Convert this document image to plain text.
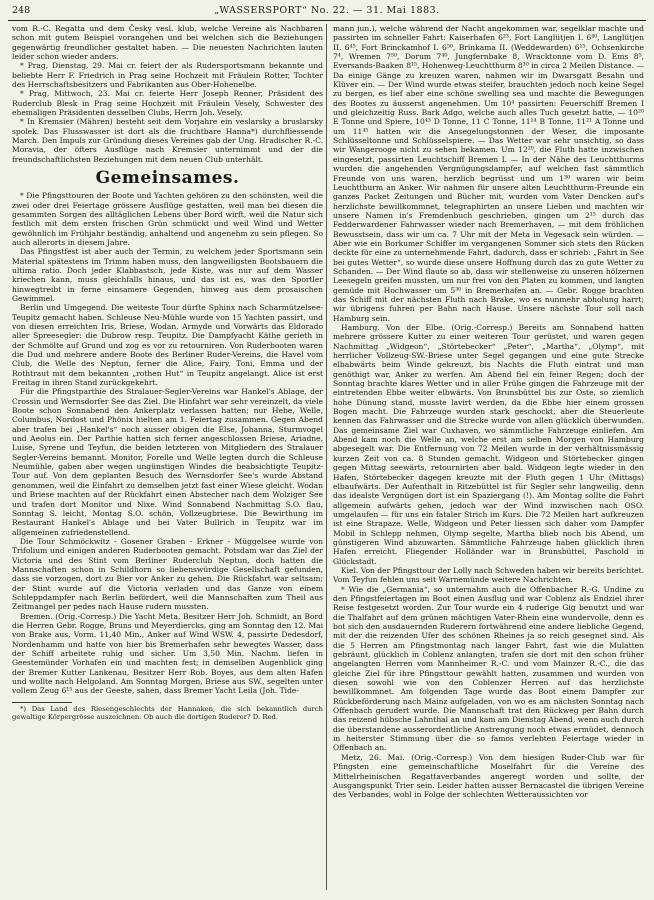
248	„WASSERSPORT“ No. 22. — 31. Mai 1883.

vom R.-C. Regatta und dem Česky vesl. klub, welche Vereine als Nachbaren schon mit gutem Beispiel vorangehen und bei welchen sich die Beziehungen gegenwärtig freundlicher gestaltet haben. — Die neuesten Nachrichten lauten leider schon wieder anders.

* Prag, Dienstag, 29. Mai cr. feiert der als Rudersportsmann bekannte und beliebte Herr F. Friedrich in Prag seine Hochzeit mit Fräulein Rotter, Tochter des Herrschaftsbesitzers und Fabrikanten aus Ober-Hohenelbe.

* Prag, Mittwoch, 23. Mai cr. feierte Herr Joseph Renner, Präsident des Ruderclub Blesk in Prag seine Hochzeit mit Fräulein Vesely, Schwester des ehemaligen Präsidenten desselben Clubs, Herrn Joh. Vesely.

* In Kremsier (Mähren) besteht seit dem Vorjahre ein veslarsky a bruslarsky spolek. Das Flusswasser ist dort als die fruchtbare Hanna*) durchfliessende March. Den Impuls zur Gründung dieses Vereines gab der Ung. Hradischer R.-C. Moravia, der öfters Ausflüge nach Kremsier unternimmt und der die freundschaftlichsten Beziehungen mit dem neuen Club unterhält.

Gemeinsames.

* Die Pfingsttouren der Boote und Yachten gehören zu den schönsten, weil die zwei oder drei Feiertage grössere Ausflüge gestatten, weil man bei diesen die gesammten Sorgen des alltäglichen Lebens über Bord wirft, weil die Natur sich festlich mit dem ersten frischen Grün schmückt und weil Wind und Wetter gewöhnlich im Frühjahr beständig, anhaltend und angenehm zu sein pflegen. So auch allerorts in diesem Jahre.

Das Pfingstfest ist aber auch der Termin, zu welchem jeder Sportsmann sein Material spätestens im Trimm haben muss, den langweiligsten Bootsbauern die ultima ratio. Doch jeder Klabbastsch, jede Kiste, was nur auf dem Wasser kriechen kann, muss gleichfalls hinaus, und das ist es, was den Sportler hinwegtreibt in ferne einsamere Gegenden, hinweg aus dem prosaischen Gewimmel.

Berlin und Umgegend. Die weiteste Tour dürfte Sphinx nach Scharmützelsee-Teupitz gemacht haben. Schleuse Neu-Mühle wurde von 15 Yachten passirt, und von diesen erreichten Iris, Briese, Wodan, Armyde und Vorwärts das Eldorado aller Spreesegler: die Dubrow resp. Teupitz. Die Dampfyacht Käthe gerieth in der Schmölte auf Grund und zog es vor zu retourniren. Von Ruderbooten waren die Dud und mehrere andere Boote des Berliner Ruder-Vereins, die Havel vom Club, die Welle des Neptun, ferner die Alice, Fairy, Toni, Emma und der Rothtraut mit dem bekannten „rothen Hut“ in Teupitz angelangt. Alice ist erst Freitag in ihren Stand zurückgekehrt.

Für die Pfingstparthie des Stralauer-Segler-Vereins war Hankel's Ablage, der Crossin und Wernsdorfer See das Ziel. Die Hinfahrt war sehr vereinzelt, da viele Boote schon Sonnabend den Ankerplatz verlassen hatten; nur Hebe, Welle, Columbus, Nordost und Phönix hielten am 1. Feiertag zusammen. Gegen Abend aber trafen bei „Hankel's“ noch ausser obigen die Else, Johanna, Sturmvogel und Aeolus ein. Der Parthie hatten sich ferner angeschlossen Briese, Ariadne, Luise, Syrene und Teyfun, die beiden letzteren von Mitgliedern des Stralauer Segler-Vereins bemannt. Monitor, Forelle und Welle legten durch die Schleuse Neumühle, gaben aber wegen ungünstigen Windes die beabsichtigte Teupitz-Tour auf. Von dem geplanten Besuch des Wernsdorfer See's wurde Abstand genommen, weil die Einfahrt zu demselben jetzt fast einer Wiese gleicht. Wodan und Briese machten auf der Rückfahrt einen Abstecher nach dem Wolziger See und trafen dort Monitor und Nixe. Wind Sonnabend Nachmittag S.O. flau, Sonntag S. leicht, Montag S.O. schön, Vollzeugbriese. Die Bewirthung im Restaurant Hankel's Ablage und bei Vater Bullrich in Teupitz war im allgemeinen zufriedenstellend.

Die Tour Schmöckwitz - Gosener Graben - Erkner - Müggelsee wurde von Trifolium und einigen anderen Ruderbooten gemacht. Potsdam war das Ziel der Victoria und des Stint vom Berliner Ruderclub Neptun, doch hatten die Mannschaften schon in Schildhorn so liebenswürdige Gesellschaft gefunden, dass sie vorzogen, dort zu Bier vor Anker zu gehen. Die Rückfahrt war seltsam; der Stint wurde auf die Victoria verladen und das Ganze von einem Schleppdampfer nach Berlin befördert, weil die Mannschaften zum Theil aus Zeitmangel per pedes nach Hause rudern mussten.

Bremen. (Orig.-Corresp.) Die Yacht Meta, Besitzer Herr Joh. Schmidt, an Bord die Herren Gebr. Rogge, Bruns und Meyerdiercks, ging am Sonntag den 12. Mai von Brake aus, Vorm. 11,40 Min., Anker auf Wind WSW. 4, passirte Dedesdorf, Nordenhamm und hatte von hier bis Bremerhafen sehr bewegtes Wasser, dass der Schiff arbeitete ruhig und sicher. Um 3,50 Min. Nachm. liefen in Geestemünder Vorhafen ein und machten fest; in demselben Augenblick ging der Bremer Kutter Lankenau, Besitzer Herr Rob. Boyes, aus dem alten Hafen und wollte nach Helgoland. Am Sonntag Morgen, Briese aus SW., segelten unter vollem Zeug 6¹⁵ aus der Geeste, sahen, dass Bremer Yacht Leila (Joh. Tide-

*) Das Land des Riesengeschlechts der Hannaken, die sich bekanntlich durch gewaltige Körpergrösse auszeichnen. Ob auch die dortigen Ruderer? D. Red.

mann jun.), welche während der Nacht angekommen war, segelklar machte und passirten im schneller Fahrt: Kaiserhafen 6²³, Fort Langlütjen I. 6⁴⁰, Langlütjen II. 6⁴⁵, Fort Brinckamhof I. 6⁵⁰, Brinkama II. (Weddewarden) 6¹⁵, Ochsenkirche 7⁴, Wremen 7⁵⁰, Dorum 7⁴⁰, Jungfernbake 8, Wracktonne vom D. Ems 8⁵, Eversands-Baaken 8¹⁵, Hohenweg-Leuchtthurm 8³⁰ in circa 2 Meilen Distance. — Da einige Gänge zu kreuzen waren, nahmen wir im Dwarsgatt Besahn und Klüver ein. — Der Wind wurde etwas steifer, brauchten jedoch noch keine Segel zu bergen, es lief aber eine schöne swelling sea und machte die Bewegungen des Bootes zu äusserst angenehmen. Um 10⁴ passirten: Feuerschiff Bremen I und gleichzeitig Russ. Bark Adgo, welche auch alles Tuch gesetzt hatte, — 10²⁰ E Tonne und Spiere, 10⁴³ D Tonne, 11 C Tonne, 11¹⁴ B Tonne, 11²¹ A Tonne und um 11⁴⁵ hatten wir die Ansegelungstonnen der Weser, die imposante Schlüsseltonne und Schlüsselspiere. — Das Wetter war sehr unsichtig, so dass wir Wangerooge nicht zu sehen bekamen. Um 12²⁰, die Fluth hatte inzwischen eingesetzt, passirten Leuchtschiff Bremen I. — In der Nähe des Leuchtthurms wurden die angehenden Vergnügungsdampfer, auf welchen fast sämmtlich Freunde von uns waren, herzlich begrüsst und um 1³⁰ waren wir beim Leuchtthurm an Anker. Wir nahmen für unsere alten Leuchtthurm-Freunde ein ganzes Packet Zeitungen und Bücher mit, wurden vom Vater Dencken auf's herzlichste bewillkommnet, telegraphirten an unsere Lieben und machten wir unsere Namen in's Fremdenbuch geschrieben, gingen um 2¹⁵ durch das Fedderwardener Fahrwasser wieder nach Bremerhaven, — mit dem fröhlichen Bewusstsein, dass wir um ca. 7 Uhr mit der Meta in Vegesack sein würden. — Aber wie ein Borkumer Schiffer im vergangenen Sommer sich stets den Rücken deckte für eine zu unternehmende Fahrt, dadurch, dass er schrieb: „Fahrt in See bei gutes Wetter“, so wurde diese unsere Hoffnung durch das zu gute Wetter zu Schanden. — Der Wind flaute so ab, dass wir stellenweise zu unseren hölzernen Leesegeln greifen mussten, um nur frei von den Platen zu kommen, und langten gemüde mit Hochwasser um 5³⁰ in Bremerhafen an. — Gebr. Rogge brachten das Schiff mit der nächsten Fluth nach Brake, wo es nunmehr abholung harrt; wir übrigens fuhren per Bahn nach Hause. Unsere nächste Tour soll nach Hamburg sein.

Hamburg. Von der Elbe. (Orig.-Corresp.) Bereits am Sonnabend hatten mehrere grössere Kutter zu einer weiteren Tour gerüstet, und waren gegen Nachmittag „Widgeon“, „Störtebecker“ „Peter“, „Martha“, „Olymp“, mit herrlicher Vollzeug-SW.-Briese unter Segel gegangen und eine gute Strecke elbabwärts beim Winde gekreuzt, bis Nachts die Fluth eintrat und man genöthigt war, Anker zu werfen. Am Abend fiel ein feiner Regen; doch der Sonntag brachte klares Wetter und in aller Frühe gingen die Fahrzeuge mit der eintretenden Ebbe weiter elbwärts. Von Brunsbüttel bis zur Oste, so ziemlich hohe Dünung stand, musste lavirt werden, da die Ebbe hier einem grossen Bogen macht. Die Fahrzeuge wurden stark geschockt, aber die Steuerleute kennen das Fahrwasser und die Strecke wurde von allen glücklich überwunden. Das gemeinsame Ziel war Cuxhaven, wo sämmtliche Fahrzeuge einliefen. Am Abend kam noch die Welle an, welche erst am selben Morgen von Hamburg abgesegelt war. Die Entfernung von 72 Meilen wurde in der verhältnissmässig kurzen Zeit von ca. 8 Stunden gemacht. Widgeon und Störtebecker gingen gegen Mittag seewärts, retournirten aber bald. Widgeon legte wieder in den Hafen, Störtebecker dagegen kreuzte mit der Fluth gegen 1 Uhr (Mittags) elbaufwärts. Der Aufenthalt in Ritzebüttel ist für Segler sehr langweilig, denn das idealste Vergnügen dort ist ein Spaziergang (!). Am Montag sollte die Fahrt allgemein aufwärts gehen, jedoch war der Wind inzwischen nach OSO. umgelaufen — für uns ein fataler Strich im Kurs. Die 72 Meilen hart aufkreuzen ist eine Strapaze. Welle, Widgeon und Peter liessen sich daher vom Dampfer Mobil in Schlepp nehmen, Olymp segelte, Martha blieb noch bis Abend, um günstigeren Wind abzuwarten. Sämmtliche Fahrzeuge haben glücklich ihren Hafen erreicht. Fliegender Holländer war in Brunsbüttel, Paschold in Glückstadt.

Kiel. Von der Pfingsttour der Lolly nach Schweden haben wir bereits berichtet. Vom Teyfun fehlen uns seit Warnemünde weitere Nachrichten.

* Wie die „Germania“, so unternahm auch die Offenbacher R.-G. Undine zu den Pfingstfeiertagen im Boot einen Ausflug und war Coblenz als Endziel ihrer Reise festgesetzt worden. Zur Tour wurde ein 4 ruderige Gig benutzt und war die Thalfahrt auf dem grünen mächtigen Vater-Rhein eine wundervolle, denn es bot sich den ausdauernden Ruderern fortwährend eine andere liebliche Gegend, mit der die reizenden Ufer des schönen Rheines ja so reich gesegnet sind. Als die 5 Herren am Pfingstmontag nach langer Fahrt, fast wie die Mulatten gebräunt, glücklich in Coblenz anlangten, trafen sie dort mit den schon früher angelangten Herren vom Mannheimer R.-C. und vom Mainzer R.-C., die das gleiche Ziel für ihre Pfingsttour gewählt hatten, zusammen und wurden von diesen sowohl wie von den Coblenzer Herren auf das herzlichste bewillkommnet. Am folgenden Tage wurde das Boot einem Dampfer zur Rückbeförderung nach Mainz aufgeladen, von wo es am nächsten Sonntag nach Offenbach gerudert wurde. Die Mannschaft trat den Rückweg per Bahn durch das reizend hübsche Lahnthal an und kam am Dienstag Abend, wenn auch durch die überstandene ausserordentliche Anstrengung noch etwas ermüdet, dennoch in heiterster Stimmung über die so famos verlebten Feiertage wieder in Offenbach an.

Metz, 26. Mai. (Orig.-Corresp.) Von dem hiesigen Ruder-Club war für Pfingsten eine gemeinschaftliche Moselfahrt für die Vereine des Mittelrheinischen Regattaverbandes angeregt worden und sollte, der Ausgangspunkt Trier sein. Leider hatten ausser Bernacastel die übrigen Vereine des Verbandes, wohl in Folge der schlechten Wetteraussichten vor
